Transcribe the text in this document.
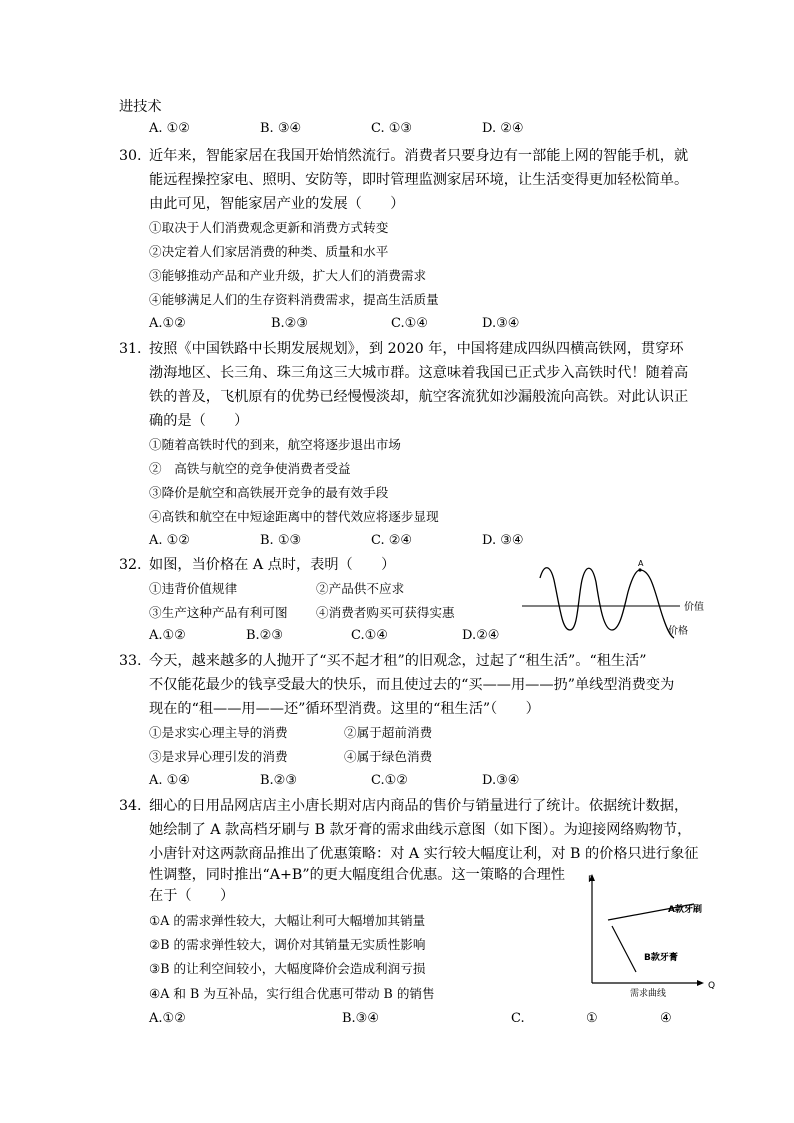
进技术
A. ①②	B. ③④	C. ①③	D. ②④
30. 近年来，智能家居在我国开始悄然流行。消费者只要身边有一部能上网的智能手机，就
能远程操控家电、照明、安防等，即时管理监测家居环境，让生活变得更加轻松简单。
由此可见，智能家居产业的发展（　　）
①取决于人们消费观念更新和消费方式转变
②决定着人们家居消费的种类、质量和水平
③能够推动产品和产业升级，扩大人们的消费需求
④能够满足人们的生存资料消费需求，提高生活质量
A.①②	B.②③	C.①④	D.③④
31. 按照《中国铁路中长期发展规划》，到 2020 年，中国将建成四纵四横高铁网，贯穿环
渤海地区、长三角、珠三角这三大城市群。这意味着我国已正式步入高铁时代！随着高
铁的普及，飞机原有的优势已经慢慢淡却，航空客流犹如沙漏般流向高铁。对此认识正
确的是（　　）
①随着高铁时代的到来，航空将逐步退出市场
②　高铁与航空的竞争使消费者受益
③降价是航空和高铁展开竞争的最有效手段
④高铁和航空在中短途距离中的替代效应将逐步显现
A. ①②	B. ①③	C. ②④	D. ③④
32. 如图，当价格在 A 点时，表明（　　）
①违背价值规律	②产品供不应求
③生产这种产品有利可图 ④消费者购买可获得实惠
A.①②	B.②③	C.①④	D.②④
A
价值
价格
33. 今天，越来越多的人抛开了“买不起才租”的旧观念，过起了“租生活”。“租生活”
不仅能花最少的钱享受最大的快乐，而且使过去的“买——用——扔”单线型消费变为
现在的“租——用——还”循环型消费。这里的“租生活”（　　）
①是求实心理主导的消费	②属于超前消费
③是求异心理引发的消费	④属于绿色消费
A. ①④	B.②③	C.①②	D.③④
34. 细心的日用品网店店主小唐长期对店内商品的售价与销量进行了统计。依据统计数据，
她绘制了 A 款高档牙刷与 B 款牙膏的需求曲线示意图（如下图）。为迎接网络购物节，
小唐针对这两款商品推出了优惠策略：对 A 实行较大幅度让利，对 B 的价格只进行象征
性调整，同时推出“A+B”的更大幅度组合优惠。这一策略的合理性
在于（　　）
①A 的需求弹性较大，大幅让利可大幅增加其销量
②B 的需求弹性较大，调价对其销量无实质性影响
③B 的让利空间较小，大幅度降价会造成利润亏损
④A 和 B 为互补品，实行组合优惠可带动 B 的销售
A.①②	B.③④	C.	①	④
P
Q
A款牙刷
B款牙膏
需求曲线
